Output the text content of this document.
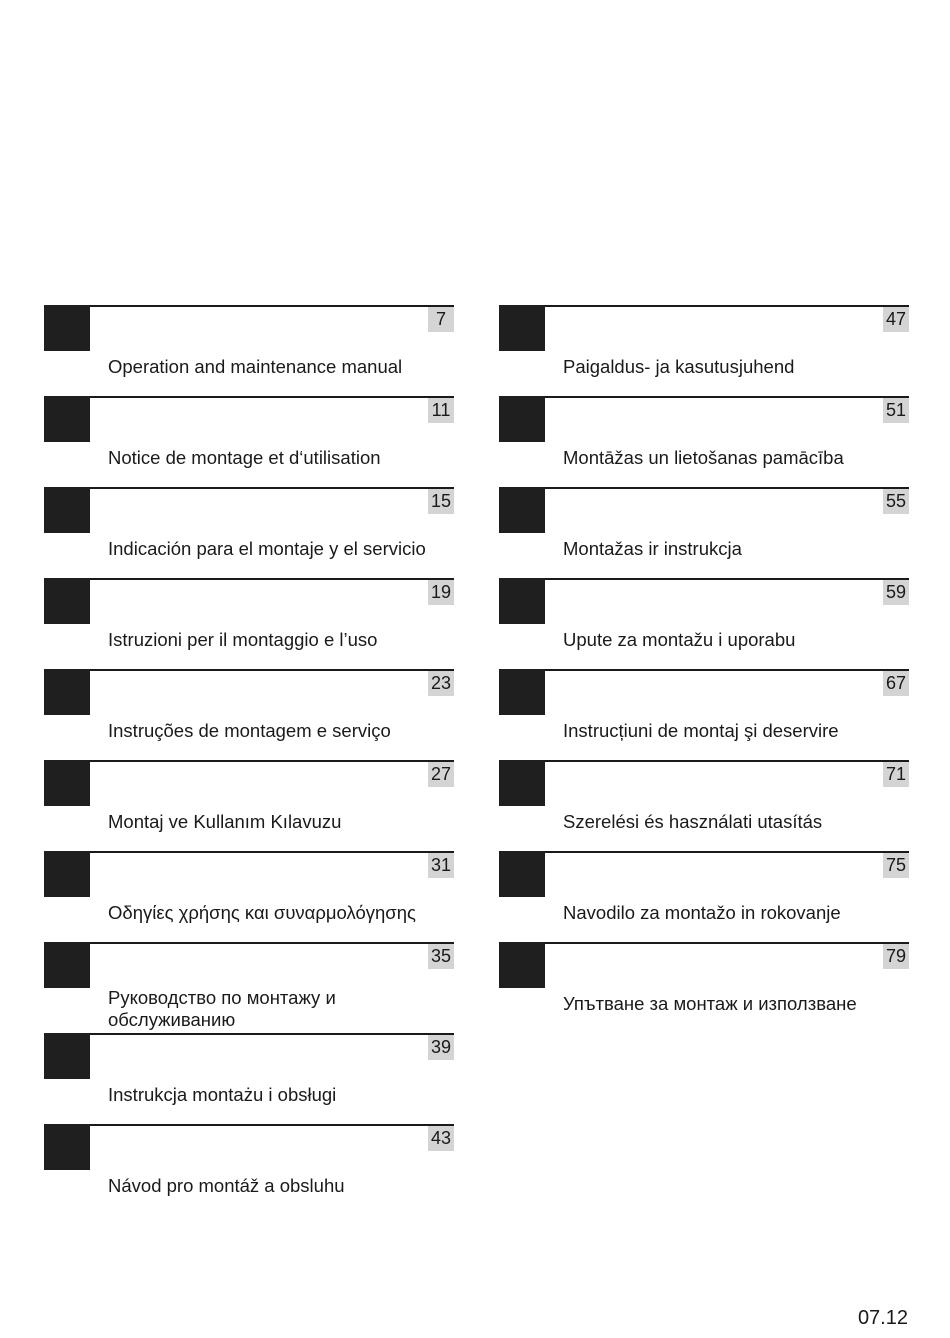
7
Operation and maintenance manual
11
Notice de montage et d‘utilisation
15
Indicación para el montaje y el servicio
19
Istruzioni per il montaggio e l’uso
23
Instruções de montagem e serviço
27
Montaj ve Kullanım Kılavuzu
31
Οδηγίες χρήσης και συναρμολόγησης
35
Руководство по монтажу и
обслуживанию
39
Instrukcja montażu i obsługi
43
Návod pro montáž a obsluhu
47
Paigaldus- ja kasutusjuhend
51
Montāžas un lietošanas pamācība
55
Montažas ir instrukcja
59
Upute za montažu i uporabu
67
Instrucțiuni de montaj şi deservire
71
Szerelési és használati utasítás
75
Navodilo za montažo in rokovanje
79
Упътване за монтаж и използване
07.12
